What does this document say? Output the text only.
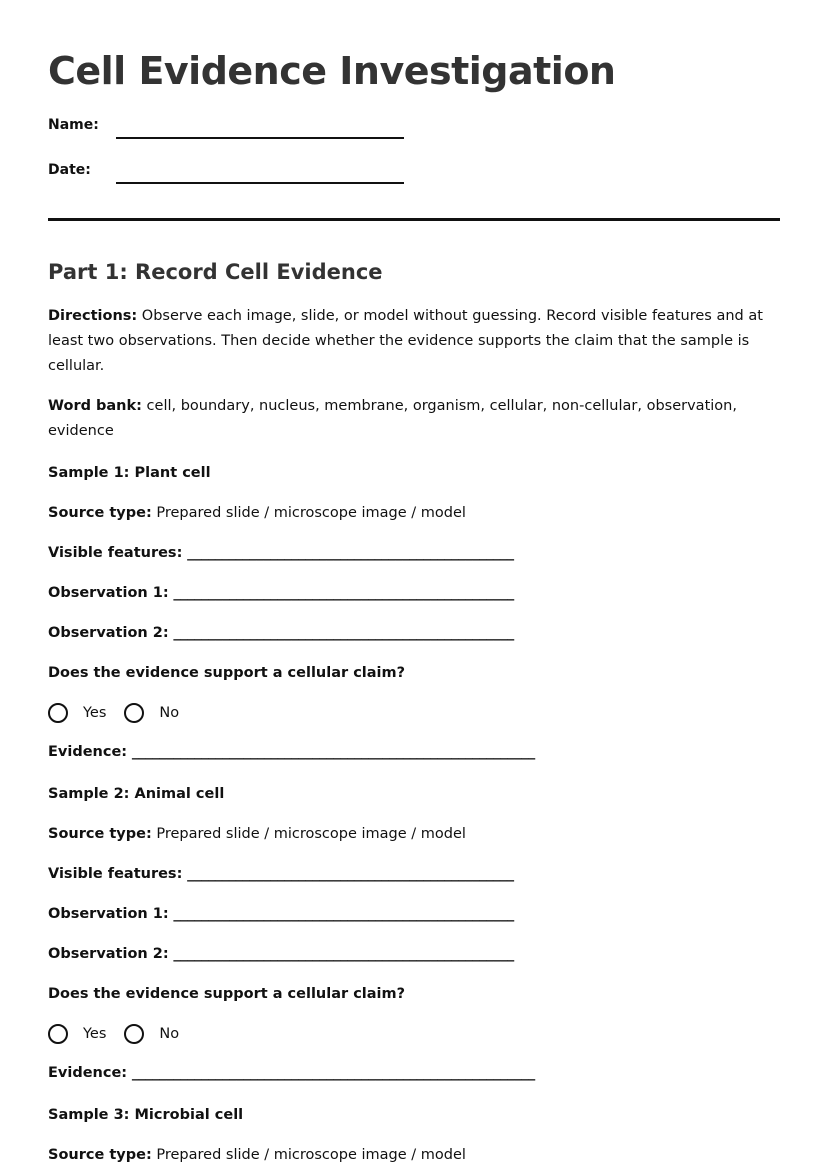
Cell Evidence Investigation
Name:
Date:
Part 1: Record Cell Evidence

Directions: Observe each image, slide, or model without guessing. Record visible features and at least two observations. Then decide whether the evidence supports the claim that the sample is cellular.

Word bank: cell, boundary, nucleus, membrane, organism, cellular, non-cellular, observation, evidence

Sample 1: Plant cell

Source type: Prepared slide / microscope image / model

Visible features: _______________________________________________

Observation 1: _________________________________________________

Observation 2: _________________________________________________

Does the evidence support a cellular claim?

Yes	No

Evidence: __________________________________________________________

Sample 2: Animal cell

Source type: Prepared slide / microscope image / model

Visible features: _______________________________________________

Observation 1: _________________________________________________

Observation 2: _________________________________________________

Does the evidence support a cellular claim?

Yes	No

Evidence: __________________________________________________________

Sample 3: Microbial cell

Source type: Prepared slide / microscope image / model
